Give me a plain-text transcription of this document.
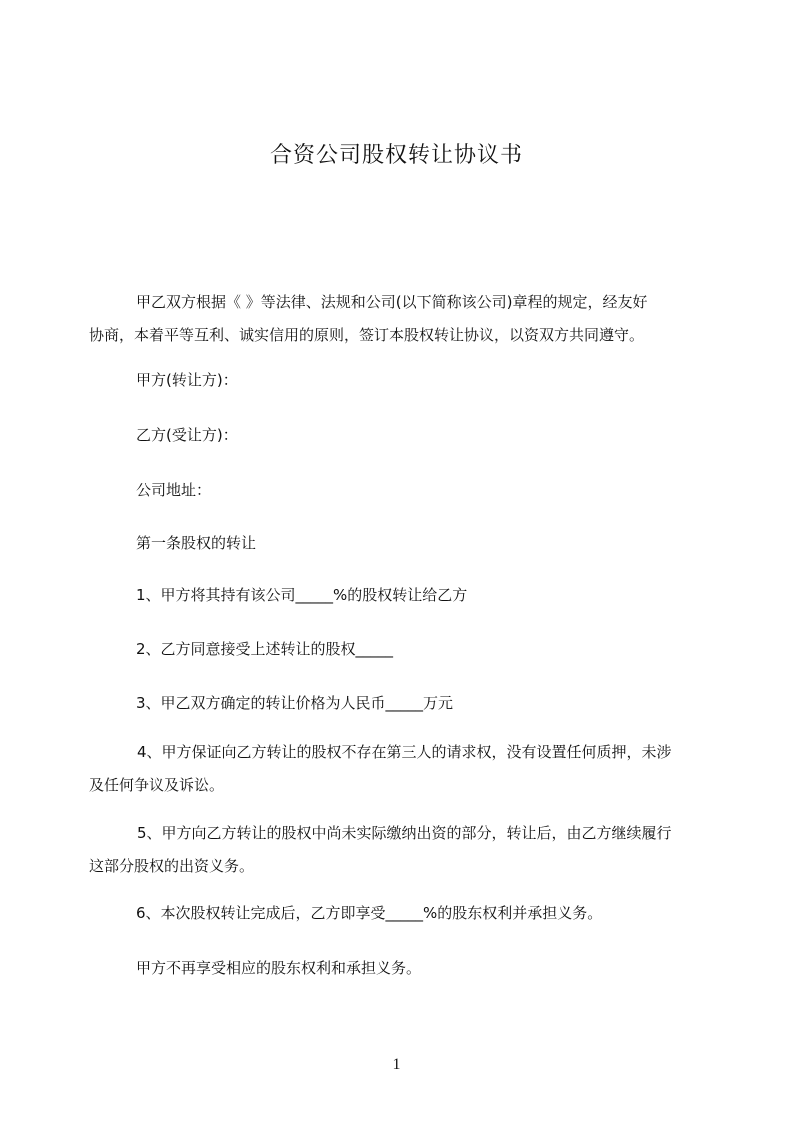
合资公司股权转让协议书
甲乙双方根据《 》等法律、法规和公司(以下简称该公司)章程的规定，经友好
协商，本着平等互利、诚实信用的原则，签订本股权转让协议，以资双方共同遵守。
甲方(转让方)：
乙方(受让方)：
公司地址：
第一条股权的转让
1、甲方将其持有该公司_____%的股权转让给乙方
2、乙方同意接受上述转让的股权_____
3、甲乙双方确定的转让价格为人民币_____万元
4、甲方保证向乙方转让的股权不存在第三人的请求权，没有设置任何质押，未涉
及任何争议及诉讼。
5、甲方向乙方转让的股权中尚未实际缴纳出资的部分，转让后，由乙方继续履行
这部分股权的出资义务。
6、本次股权转让完成后，乙方即享受_____%的股东权利并承担义务。
甲方不再享受相应的股东权利和承担义务。
1
